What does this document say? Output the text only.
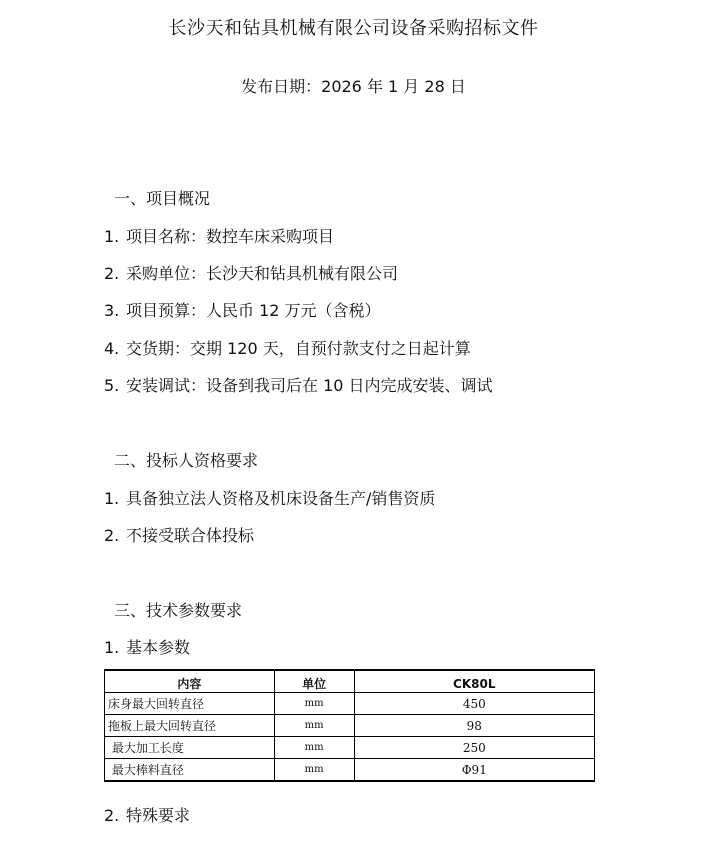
长沙天和钻具机械有限公司设备采购招标文件
发布日期：2026 年 1 月 28 日
一、项目概况
1. 项目名称：数控车床采购项目
2. 采购单位：长沙天和钻具机械有限公司
3. 项目预算：人民币 12 万元（含税）
4. 交货期：交期 120 天，自预付款支付之日起计算
5. 安装调试：设备到我司后在 10 日内完成安装、调试
二、投标人资格要求
1. 具备独立法人资格及机床设备生产/销售资质
2. 不接受联合体投标
三、技术参数要求
1. 基本参数
内容	单位	CK80L
床身最大回转直径	mm	450
拖板上最大回转直径	mm	98
最大加工长度	mm	250
最大棒料直径	mm	Φ91
2. 特殊要求
